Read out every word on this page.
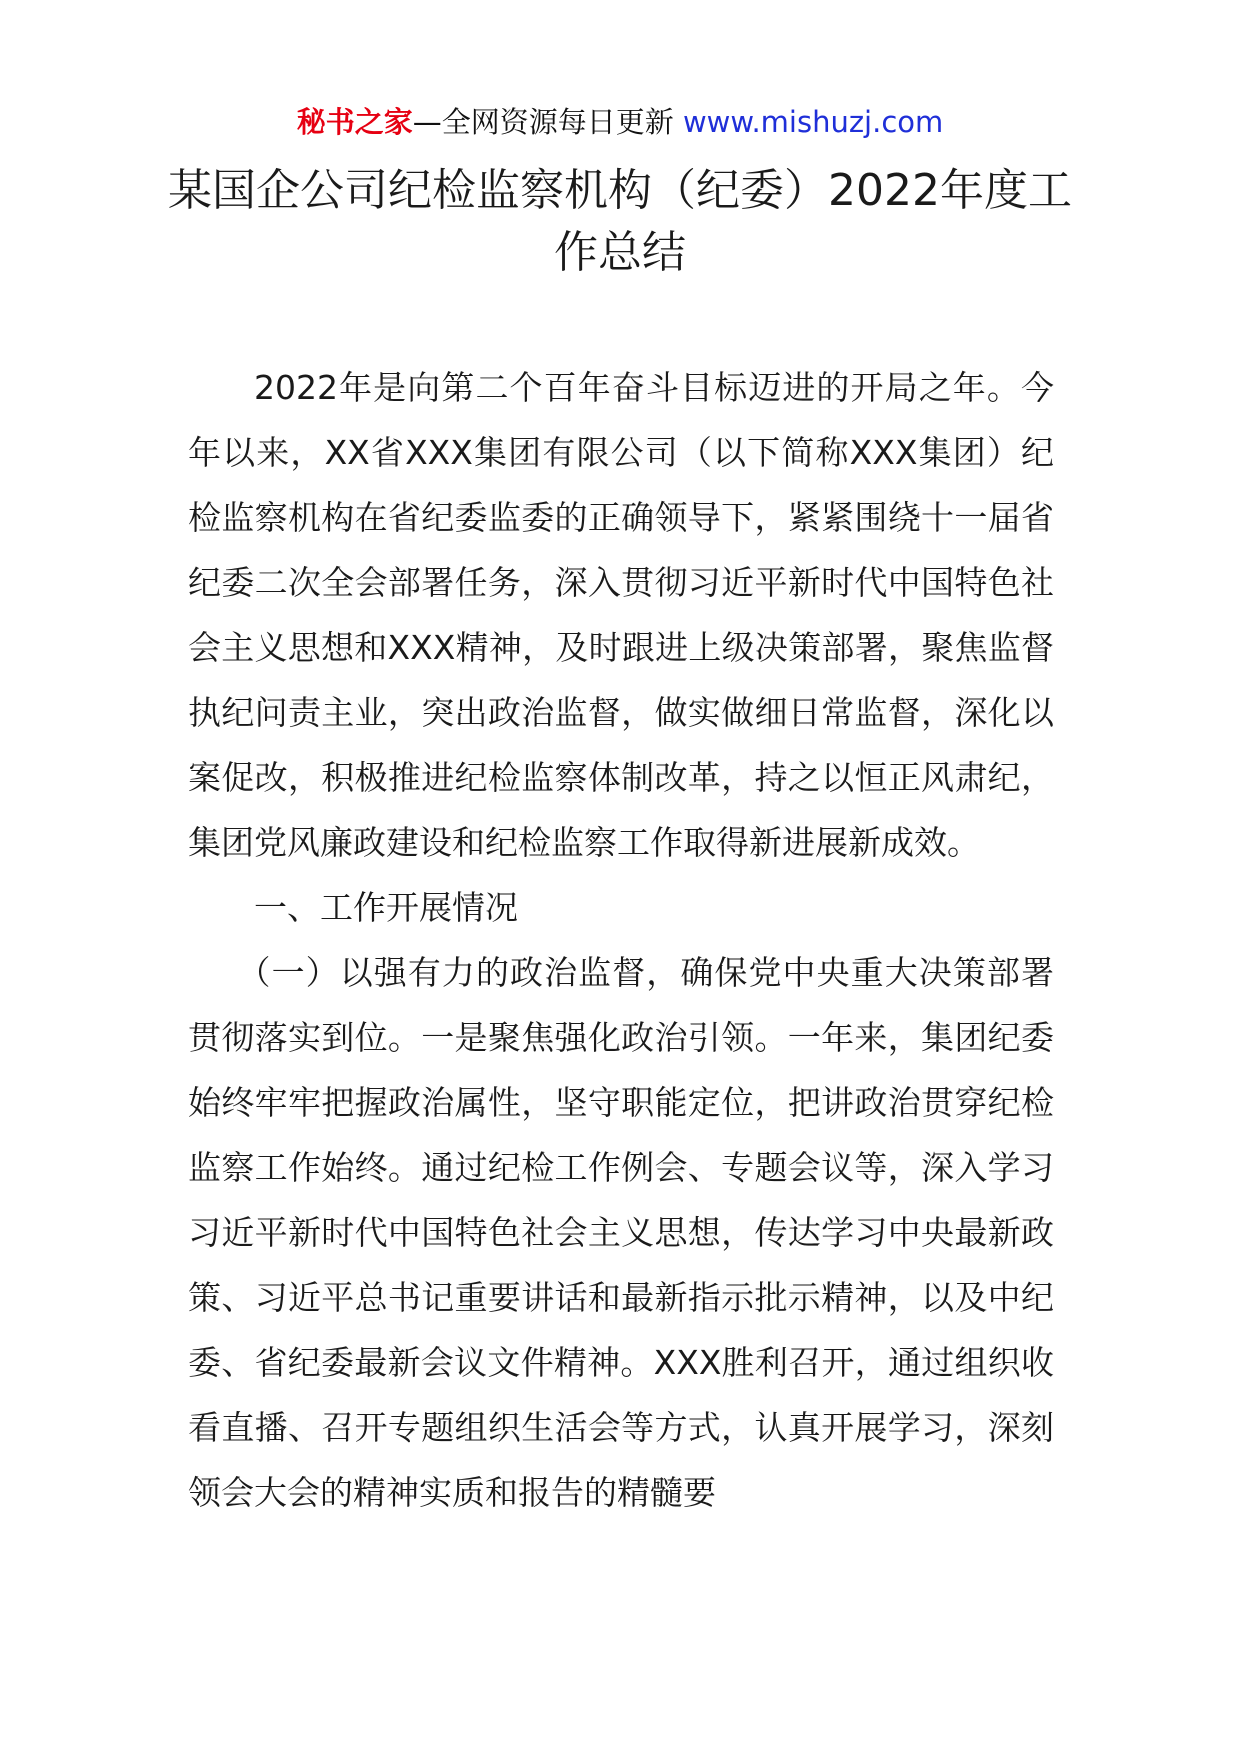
秘书之家—全网资源每日更新 www.mishuzj.com
某国企公司纪检监察机构（纪委）2022年度工作总结

2022年是向第二个百年奋斗目标迈进的开局之年。今年以来，XX省XXX集团有限公司（以下简称XXX集团）纪检监察机构在省纪委监委的正确领导下，紧紧围绕十一届省纪委二次全会部署任务，深入贯彻习近平新时代中国特色社会主义思想和XXX精神，及时跟进上级决策部署，聚焦监督执纪问责主业，突出政治监督，做实做细日常监督，深化以案促改，积极推进纪检监察体制改革，持之以恒正风肃纪，集团党风廉政建设和纪检监察工作取得新进展新成效。

一、工作开展情况

（一）以强有力的政治监督，确保党中央重大决策部署贯彻落实到位。一是聚焦强化政治引领。一年来，集团纪委始终牢牢把握政治属性，坚守职能定位，把讲政治贯穿纪检监察工作始终。通过纪检工作例会、专题会议等，深入学习习近平新时代中国特色社会主义思想，传达学习中央最新政策、习近平总书记重要讲话和最新指示批示精神，以及中纪委、省纪委最新会议文件精神。XXX胜利召开，通过组织收看直播、召开专题组织生活会等方式，认真开展学习，深刻领会大会的精神实质和报告的精髓要
